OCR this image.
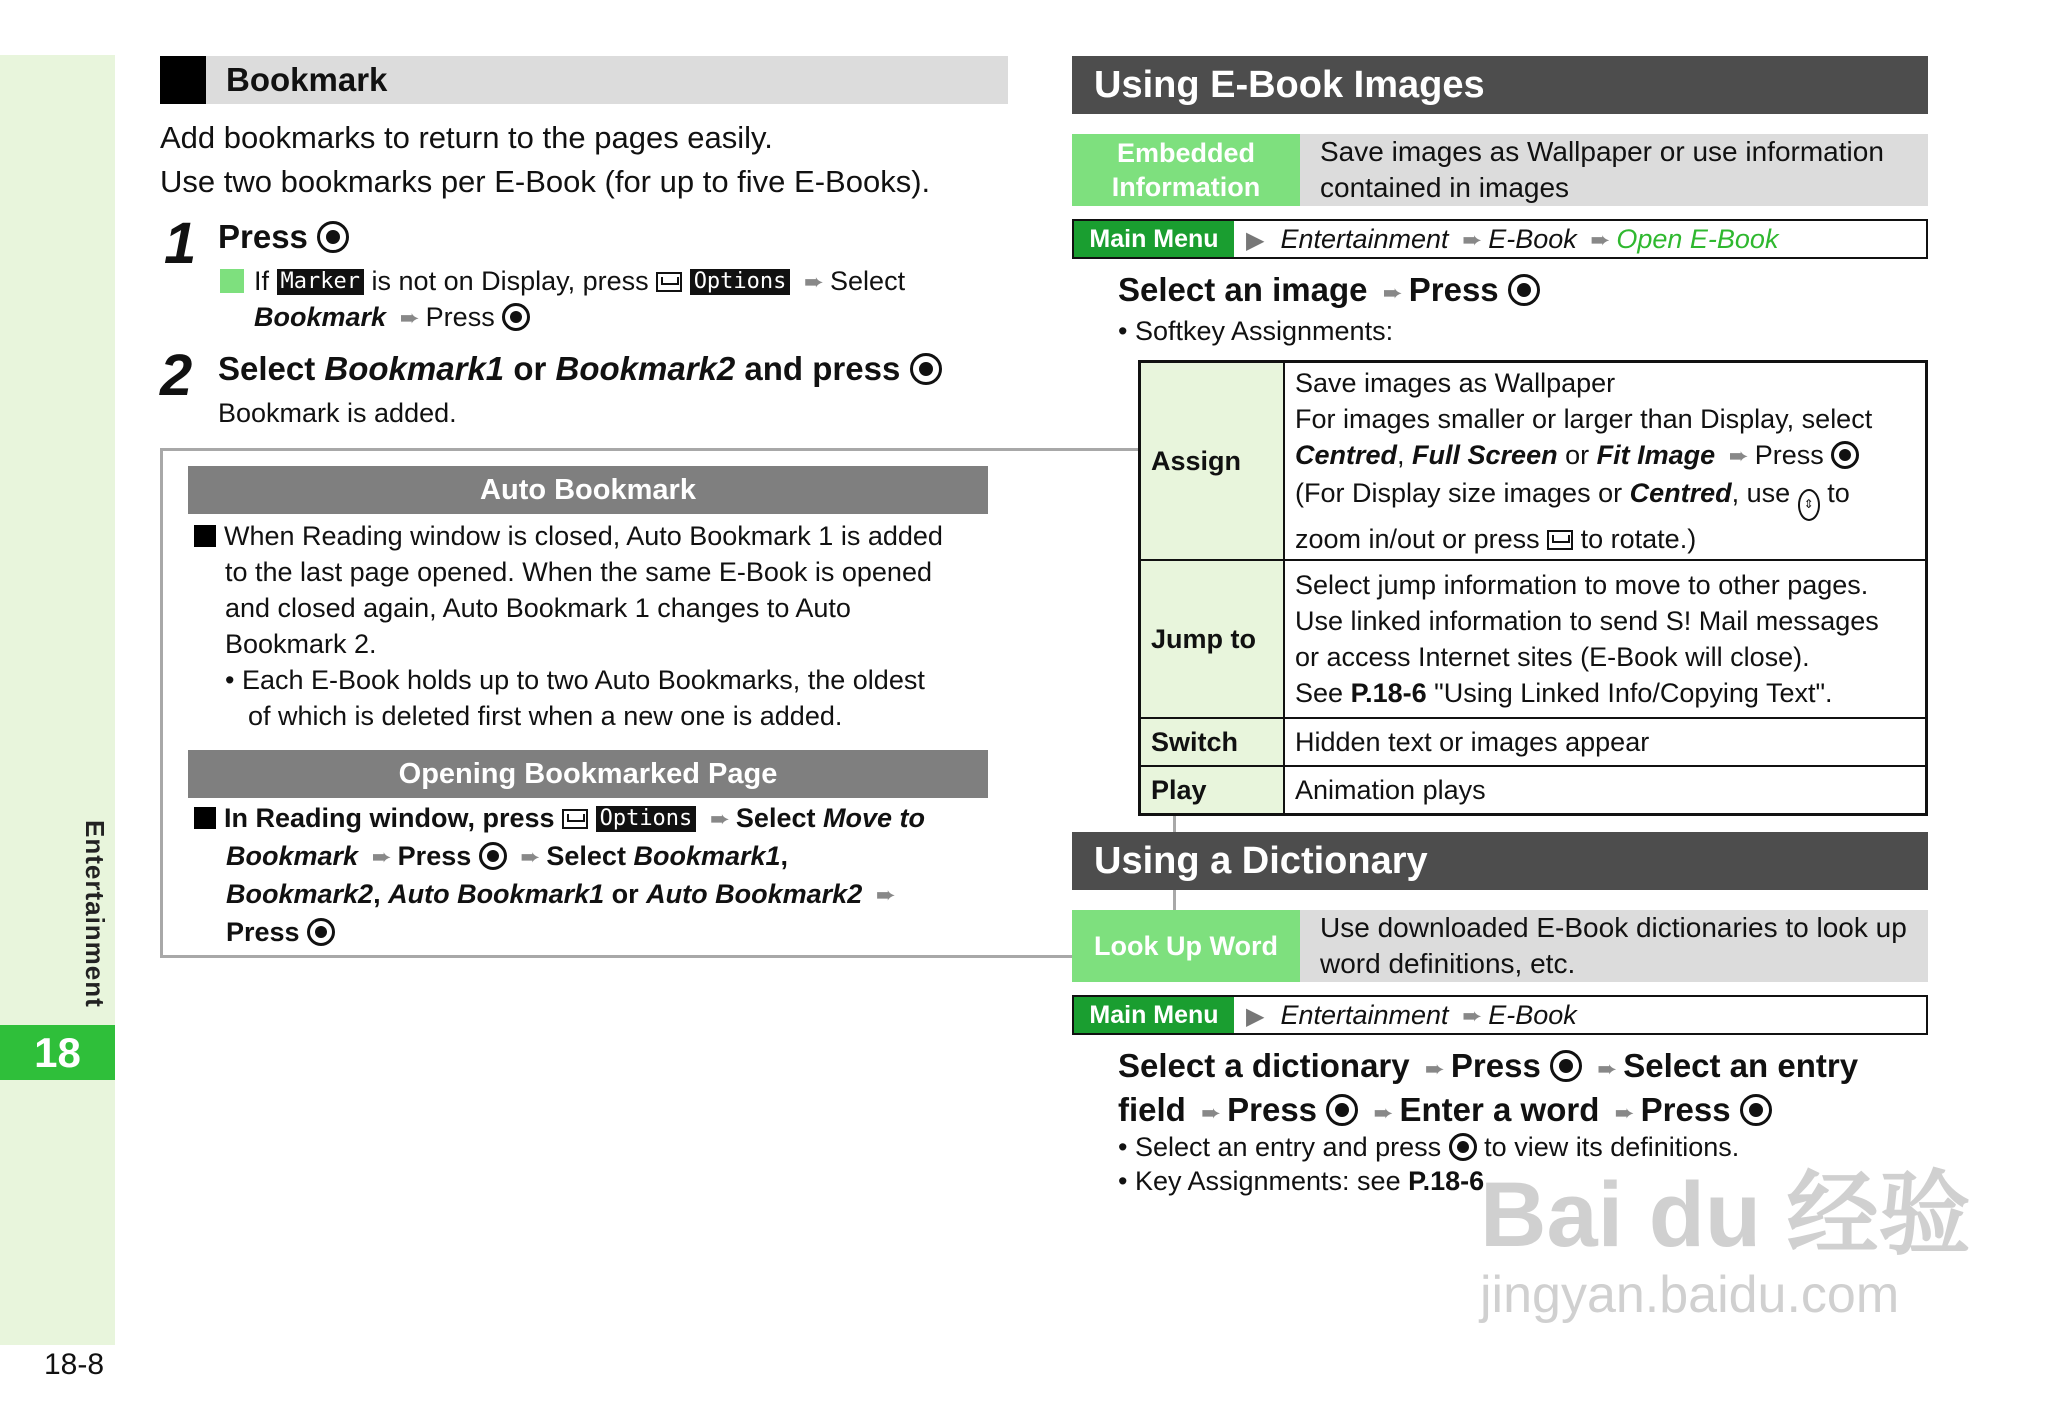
Entertainment
18
18-8
Bookmark
Add bookmarks to return to the pages easily.
Use two bookmarks per E-Book (for up to five E-Books).
1 Press
If Marker is not on Display, press Options ➨ Select
Bookmark ➨ Press
2 Select Bookmark1 or Bookmark2 and press
Bookmark is added.
Auto Bookmark
When Reading window is closed, Auto Bookmark 1 is added
to the last page opened. When the same E-Book is opened
and closed again, Auto Bookmark 1 changes to Auto
Bookmark 2.
• Each E-Book holds up to two Auto Bookmarks, the oldest
of which is deleted first when a new one is added.
Opening Bookmarked Page
In Reading window, press Options ➨ Select Move to
Bookmark ➨ Press ➨ Select Bookmark1,
Bookmark2, Auto Bookmark1 or Auto Bookmark2 ➨
Press
Using E-Book Images
Embedded Information
Save images as Wallpaper or use information contained in images
Main Menu	▶ Entertainment ➨ E-Book ➨ Open E-Book
Select an image ➨ Press
• Softkey Assignments:
Assign	Save images as Wallpaper
For images smaller or larger than Display, select
Centred, Full Screen or Fit Image ➨ Press
(For Display size images or Centred, use ⇕ to
zoom in/out or press to rotate.)

Jump to	Select jump information to move to other pages.
Use linked information to send S! Mail messages
or access Internet sites (E-Book will close).
See P.18-6 "Using Linked Info/Copying Text".

Switch	Hidden text or images appear
Play	Animation plays
Using a Dictionary
Look Up Word
Use downloaded E-Book dictionaries to look up word definitions, etc.
Main Menu	▶ Entertainment ➨ E-Book
Select a dictionary ➨ Press ➨ Select an entry
field ➨ Press ➨ Enter a word ➨ Press
• Select an entry and press to view its definitions.
• Key Assignments: see P.18-6
Bai du 经验
jingyan.baidu.com
